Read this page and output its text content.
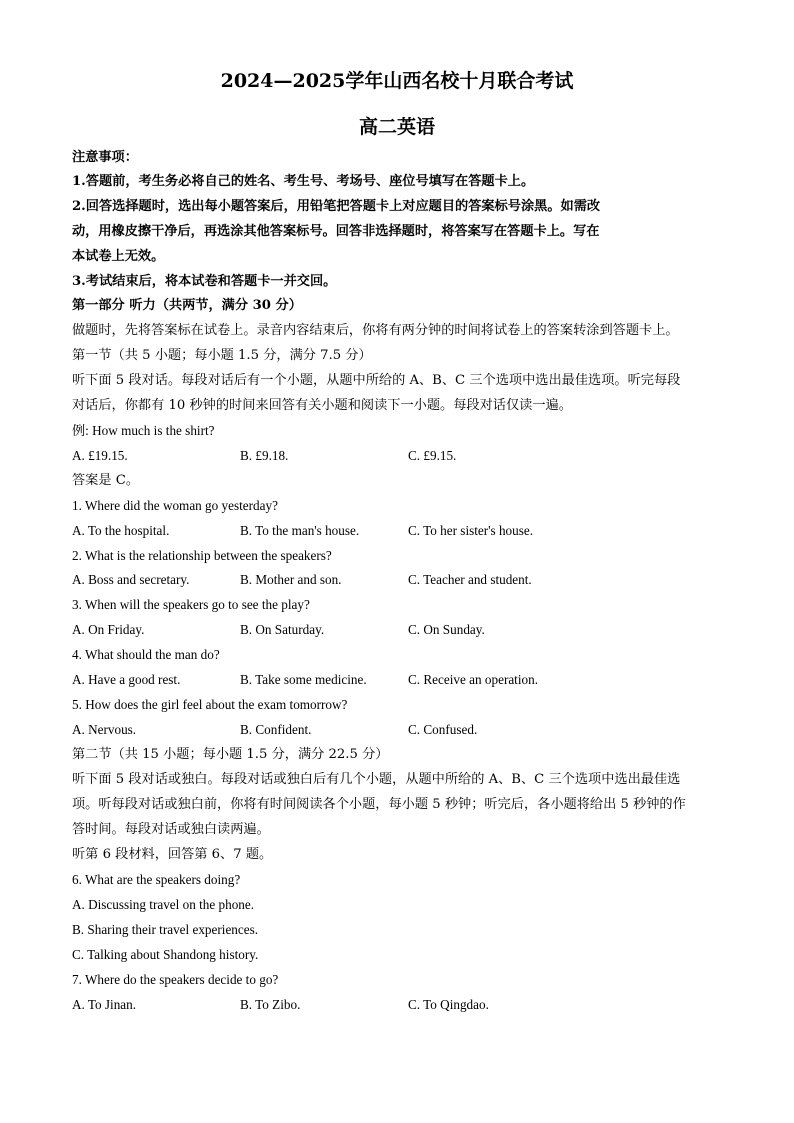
2024—2025学年山西名校十月联合考试
高二英语
注意事项：
1.答题前，考生务必将自己的姓名、考生号、考场号、座位号填写在答题卡上。
2.回答选择题时，选出每小题答案后，用铅笔把答题卡上对应题目的答案标号涂黑。如需改
动，用橡皮擦干净后，再选涂其他答案标号。回答非选择题时，将答案写在答题卡上。写在
本试卷上无效。
3.考试结束后，将本试卷和答题卡一并交回。
第一部分 听力（共两节，满分 30 分）
做题时，先将答案标在试卷上。录音内容结束后，你将有两分钟的时间将试卷上的答案转涂到答题卡上。
第一节（共 5 小题；每小题 1.5 分，满分 7.5 分）
听下面 5 段对话。每段对话后有一个小题，从题中所给的 A、B、C 三个选项中选出最佳选项。听完每段
对话后，你都有 10 秒钟的时间来回答有关小题和阅读下一小题。每段对话仅读一遍。
例: How much is the shirt?
A. £19.15.	B. £9.18.	C. £9.15.
答案是 C。
1. Where did the woman go yesterday?
A. To the hospital.	B. To the man's house.	C. To her sister's house.
2. What is the relationship between the speakers?
A. Boss and secretary.	B. Mother and son.	C. Teacher and student.
3. When will the speakers go to see the play?
A. On Friday.	B. On Saturday.	C. On Sunday.
4. What should the man do?
A. Have a good rest.	B. Take some medicine.	C. Receive an operation.
5. How does the girl feel about the exam tomorrow?
A. Nervous.	B. Confident.	C. Confused.
第二节（共 15 小题；每小题 1.5 分，满分 22.5 分）
听下面 5 段对话或独白。每段对话或独白后有几个小题，从题中所给的 A、B、C 三个选项中选出最佳选
项。听每段对话或独白前，你将有时间阅读各个小题，每小题 5 秒钟；听完后，各小题将给出 5 秒钟的作
答时间。每段对话或独白读两遍。
听第 6 段材料，回答第 6、7 题。
6. What are the speakers doing?
A. Discussing travel on the phone.
B. Sharing their travel experiences.
C. Talking about Shandong history.
7. Where do the speakers decide to go?
A. To Jinan.	B. To Zibo.	C. To Qingdao.
